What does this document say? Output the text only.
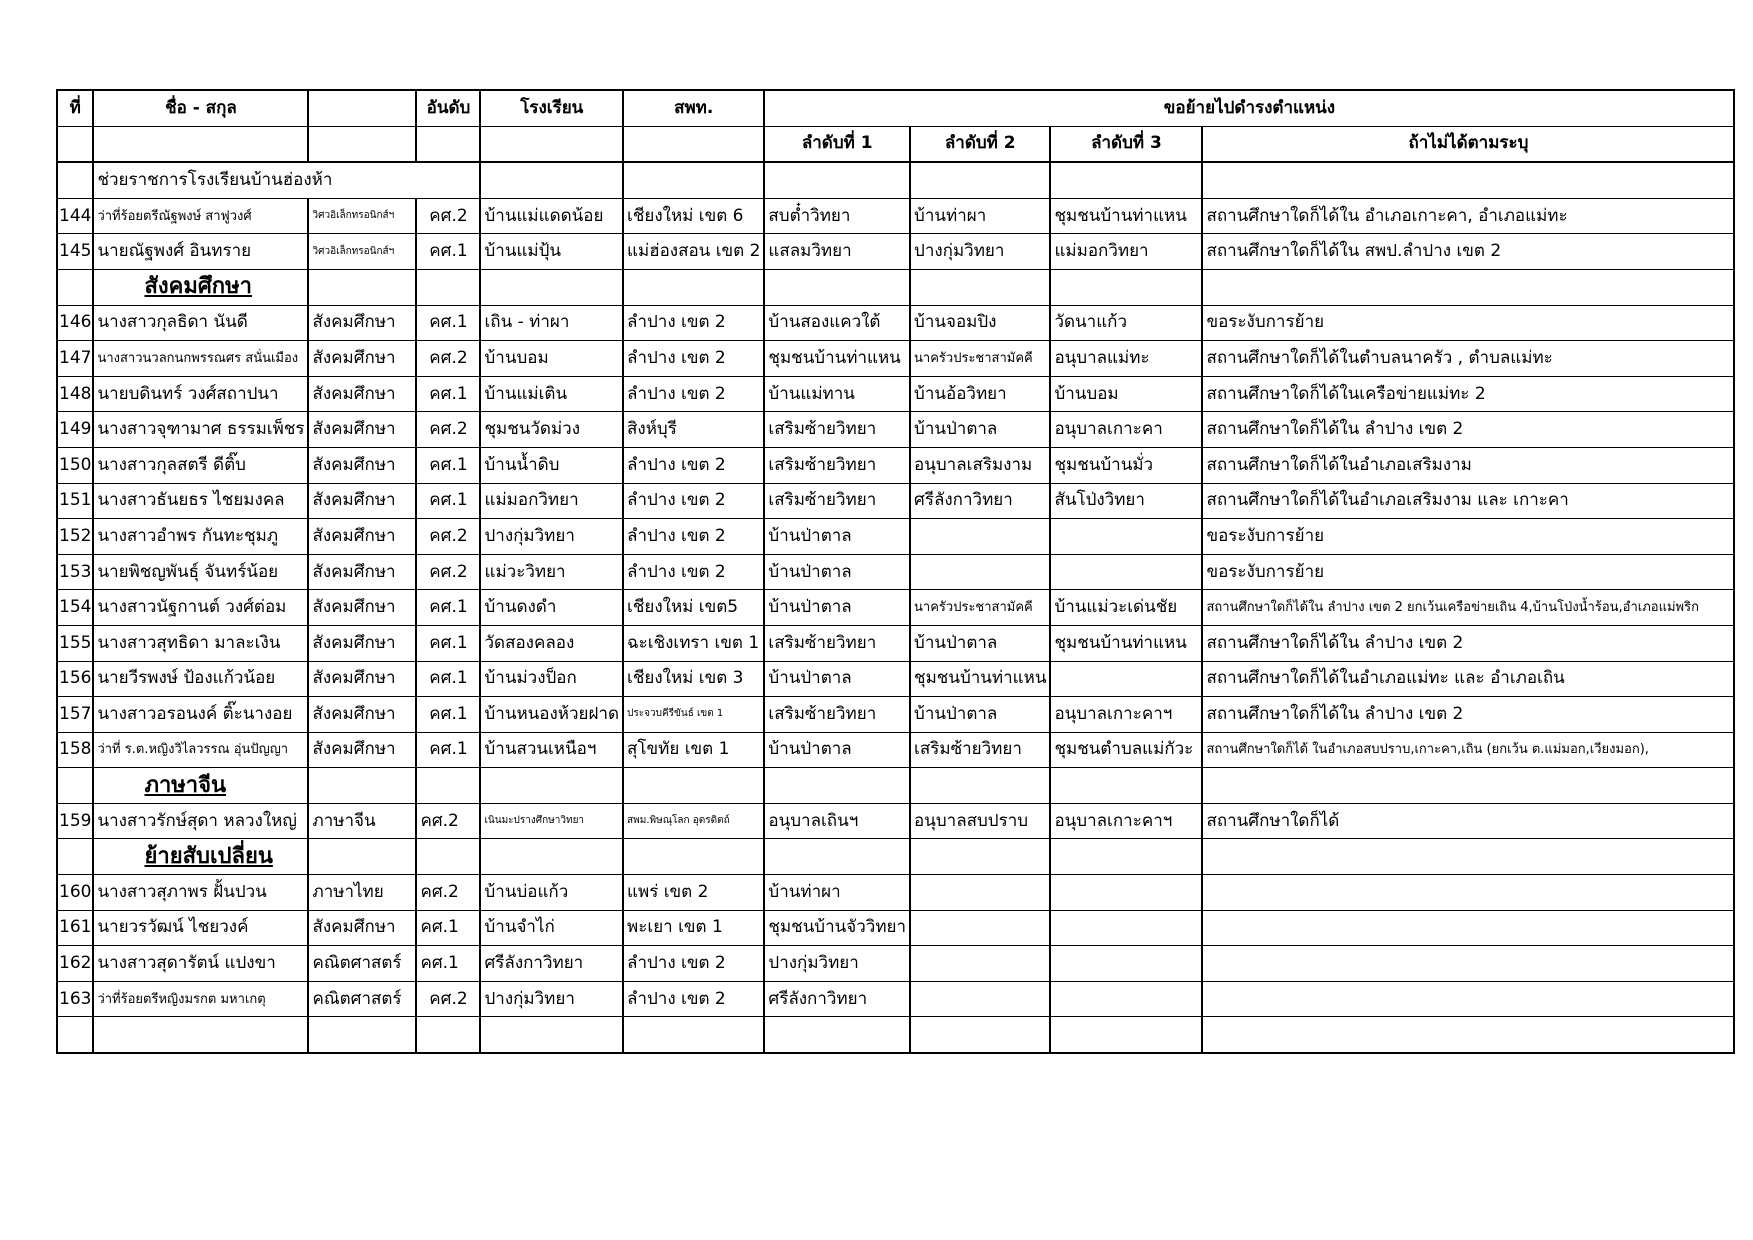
ที่	ชื่อ - สกุล		อันดับ	โรงเรียน	สพท.	ขอย้ายไปดำรงตำแหน่ง			
						ลำดับที่ 1	ลำดับที่ 2	ลำดับที่ 3	ถ้าไม่ได้ตามระบุ
	ช่วยราชการโรงเรียนบ้านฮ่องห้า								
144	ว่าที่ร้อยตรีณัฐพงษ์ สาฟูวงศ์	วิศวอิเล็กทรอนิกส์ฯ	คศ.2	บ้านแม่แดดน้อย	เชียงใหม่ เขต 6	สบต๋ำวิทยา	บ้านท่าผา	ชุมชนบ้านท่าแหน	สถานศึกษาใดก็ได้ใน อำเภอเกาะคา, อำเภอแม่ทะ
145	นายณัฐพงศ์ อินทราย	วิศวอิเล็กทรอนิกส์ฯ	คศ.1	บ้านแม่ปุ้น	แม่ฮ่องสอน เขต 2	แสลมวิทยา	ปางกุ่มวิทยา	แม่มอกวิทยา	สถานศึกษาใดก็ได้ใน สพป.ลำปาง เขต 2
	สังคมศึกษา								
146	นางสาวกุลธิดา นันดี	สังคมศึกษา	คศ.1	เถิน - ท่าผา	ลำปาง เขต 2	บ้านสองแควใต้	บ้านจอมปิง	วัดนาแก้ว	ขอระงับการย้าย
147	นางสาวนวลกนกพรรณศร สนั่นเมือง	สังคมศึกษา	คศ.2	บ้านบอม	ลำปาง เขต 2	ชุมชนบ้านท่าแหน	นาครัวประชาสามัคคี	อนุบาลแม่ทะ	สถานศึกษาใดก็ได้ในตำบลนาครัว , ตำบลแม่ทะ
148	นายบดินทร์ วงศ์สถาปนา	สังคมศึกษา	คศ.1	บ้านแม่เติน	ลำปาง เขต 2	บ้านแม่ทาน	บ้านอ้อวิทยา	บ้านบอม	สถานศึกษาใดก็ได้ในเครือข่ายแม่ทะ 2
149	นางสาวจุฑามาศ ธรรมเพ็ชร	สังคมศึกษา	คศ.2	ชุมชนวัดม่วง	สิงห์บุรี	เสริมซ้ายวิทยา	บ้านป่าตาล	อนุบาลเกาะคา	สถานศึกษาใดก็ได้ใน ลำปาง เขต 2
150	นางสาวกุลสตรี ดีติ๊บ	สังคมศึกษา	คศ.1	บ้านน้ำดิบ	ลำปาง เขต 2	เสริมซ้ายวิทยา	อนุบาลเสริมงาม	ชุมชนบ้านมั่ว	สถานศึกษาใดก็ได้ในอำเภอเสริมงาม
151	นางสาวธันยธร ไชยมงคล	สังคมศึกษา	คศ.1	แม่มอกวิทยา	ลำปาง เขต 2	เสริมซ้ายวิทยา	ศรีลังกาวิทยา	สันโป่งวิทยา	สถานศึกษาใดก็ได้ในอำเภอเสริมงาม และ เกาะคา
152	นางสาวอำพร กันทะชุมภู	สังคมศึกษา	คศ.2	ปางกุ่มวิทยา	ลำปาง เขต 2	บ้านป่าตาล			ขอระงับการย้าย
153	นายพิชญพันธุ์ จันทร์น้อย	สังคมศึกษา	คศ.2	แม่วะวิทยา	ลำปาง เขต 2	บ้านป่าตาล			ขอระงับการย้าย
154	นางสาวนัฐกานต์ วงศ์ต่อม	สังคมศึกษา	คศ.1	บ้านดงดำ	เชียงใหม่ เขต5	บ้านป่าตาล	นาครัวประชาสามัคคี	บ้านแม่วะเด่นชัย	สถานศึกษาใดก็ได้ใน ลำปาง เขต 2 ยกเว้นเครือข่ายเถิน 4,บ้านโป่งน้ำร้อน,อำเภอแม่พริก
155	นางสาวสุทธิดา มาละเงิน	สังคมศึกษา	คศ.1	วัดสองคลอง	ฉะเชิงเทรา เขต 1	เสริมซ้ายวิทยา	บ้านป่าตาล	ชุมชนบ้านท่าแหน	สถานศึกษาใดก็ได้ใน ลำปาง เขต 2
156	นายวีรพงษ์ ป้องแก้วน้อย	สังคมศึกษา	คศ.1	บ้านม่วงป็อก	เชียงใหม่ เขต 3	บ้านป่าตาล	ชุมชนบ้านท่าแหน		สถานศึกษาใดก็ได้ในอำเภอแม่ทะ และ อำเภอเถิน
157	นางสาวอรอนงค์ ติ๊ะนางอย	สังคมศึกษา	คศ.1	บ้านหนองห้วยฝาด	ประจวบคีรีขันธ์ เขต 1	เสริมซ้ายวิทยา	บ้านป่าตาล	อนุบาลเกาะคาฯ	สถานศึกษาใดก็ได้ใน ลำปาง เขต 2
158	ว่าที่ ร.ต.หญิงวิไลวรรณ อุ่นปัญญา	สังคมศึกษา	คศ.1	บ้านสวนเหนือฯ	สุโขทัย เขต 1	บ้านป่าตาล	เสริมซ้ายวิทยา	ชุมชนตำบลแม่กัวะ	สถานศึกษาใดก็ได้ ในอำเภอสบปราบ,เกาะคา,เถิน (ยกเว้น ต.แม่มอก,เวียงมอก),
	ภาษาจีน								
159	นางสาวรักษ์สุดา หลวงใหญ่	ภาษาจีน	คศ.2	เนินมะปรางศึกษาวิทยา	สพม.พิษณุโลก อุตรดิตถ์	อนุบาลเถินฯ	อนุบาลสบปราบ	อนุบาลเกาะคาฯ	สถานศึกษาใดก็ได้
	ย้ายสับเปลี่ยน								
160	นางสาวสุภาพร ฝั้นปวน	ภาษาไทย	คศ.2	บ้านบ่อแก้ว	แพร่ เขต 2	บ้านท่าผา			
161	นายวรวัฒน์ ไชยวงค์	สังคมศึกษา	คศ.1	บ้านจำไก่	พะเยา เขต 1	ชุมชนบ้านจัววิทยา			
162	นางสาวสุดารัตน์ แปงขา	คณิตศาสตร์	คศ.1	ศรีลังกาวิทยา	ลำปาง เขต 2	ปางกุ่มวิทยา			
163	ว่าที่ร้อยตรีหญิงมรกต มหาเกตุ	คณิตศาสตร์	คศ.2	ปางกุ่มวิทยา	ลำปาง เขต 2	ศรีลังกาวิทยา			
